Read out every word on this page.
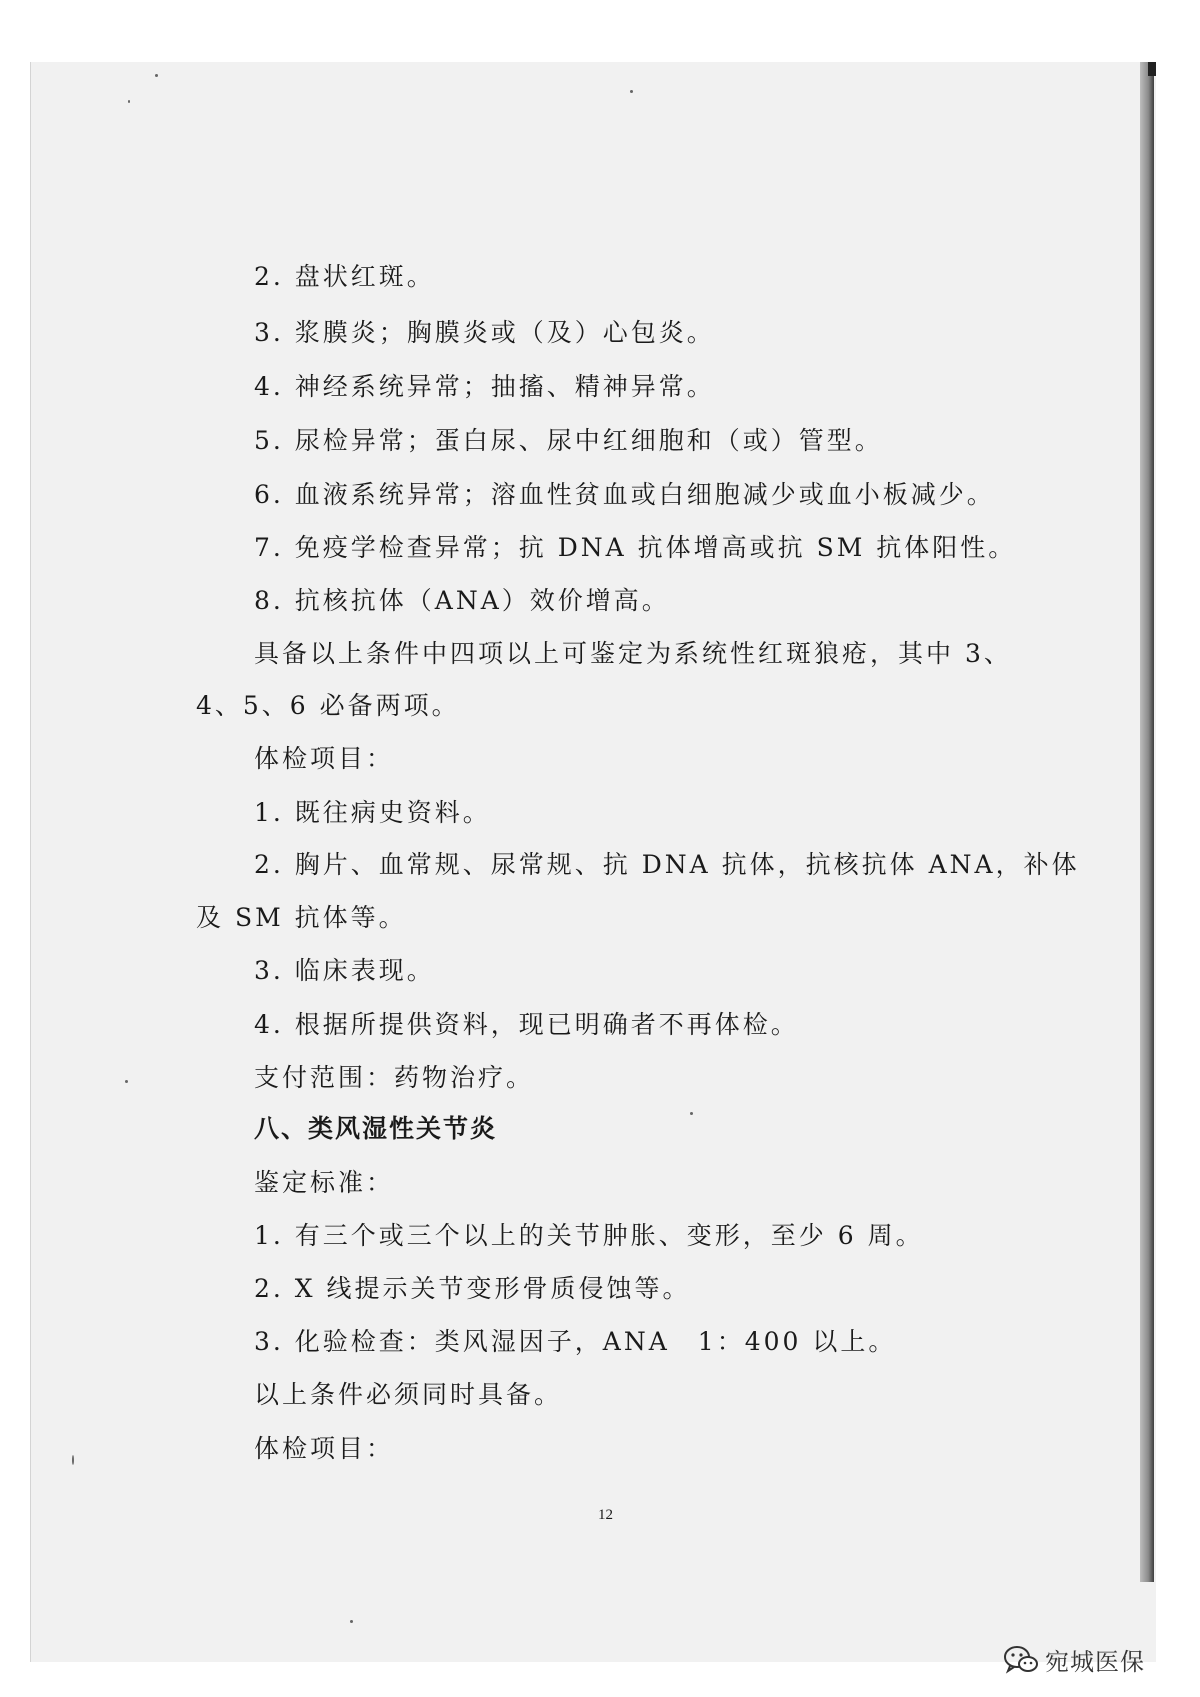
2. 盘状红斑。

3. 浆膜炎；胸膜炎或（及）心包炎。

4. 神经系统异常；抽搐、精神异常。

5. 尿检异常；蛋白尿、尿中红细胞和（或）管型。

6. 血液系统异常；溶血性贫血或白细胞减少或血小板减少。

7. 免疫学检查异常；抗 DNA 抗体增高或抗 SM 抗体阳性。

8. 抗核抗体（ANA）效价增高。

具备以上条件中四项以上可鉴定为系统性红斑狼疮，其中 3、

4、5、6 必备两项。

体检项目：

1. 既往病史资料。

2. 胸片、血常规、尿常规、抗 DNA 抗体，抗核抗体 ANA，补体

及 SM 抗体等。

3. 临床表现。

4. 根据所提供资料，现已明确者不再体检。

支付范围：药物治疗。

八、类风湿性关节炎

鉴定标准：

1. 有三个或三个以上的关节肿胀、变形，至少 6 周。

2. X 线提示关节变形骨质侵蚀等。

3. 化验检查：类风湿因子，ANA　1：400 以上。

以上条件必须同时具备。

体检项目：

12
宛城医保
